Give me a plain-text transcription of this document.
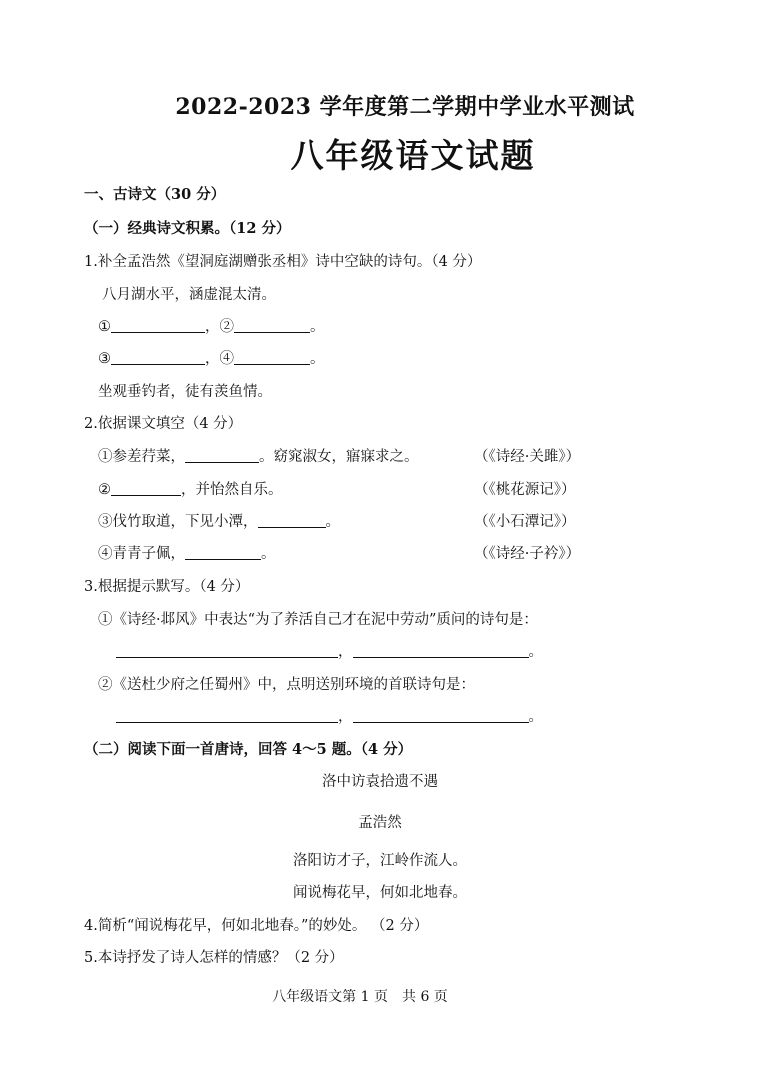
2022-2023 学年度第二学期中学业水平测试
八年级语文试题
一、古诗文（30 分）
（一）经典诗文积累。（12 分）
1.补全孟浩然《望洞庭湖赠张丞相》诗中空缺的诗句。（4 分）
八月湖水平，涵虚混太清。
①	，②	。
③	，④	。
坐观垂钓者，徒有羡鱼情。
2.依据课文填空（4 分）
①参差荇菜，	。窈窕淑女，寤寐求之。	（《诗经·关雎》）
②	，并怡然自乐。	（《桃花源记》）
③伐竹取道，下见小潭，	。	（《小石潭记》）
④青青子佩，	。	（《诗经·子衿》）
3.根据提示默写。（4 分）
①《诗经·邶风》中表达“为了养活自己才在泥中劳动”质问的诗句是：
，	。
②《送杜少府之任蜀州》中，点明送别环境的首联诗句是：
，	。
（二）阅读下面一首唐诗，回答 4～5 题。（4 分）
洛中访袁拾遗不遇
孟浩然
洛阳访才子，江岭作流人。
闻说梅花早，何如北地春。
4.简析“闻说梅花早，何如北地春。”的妙处。 （2 分）
5.本诗抒发了诗人怎样的情感？（2 分）
八年级语文第 1 页　共 6 页
